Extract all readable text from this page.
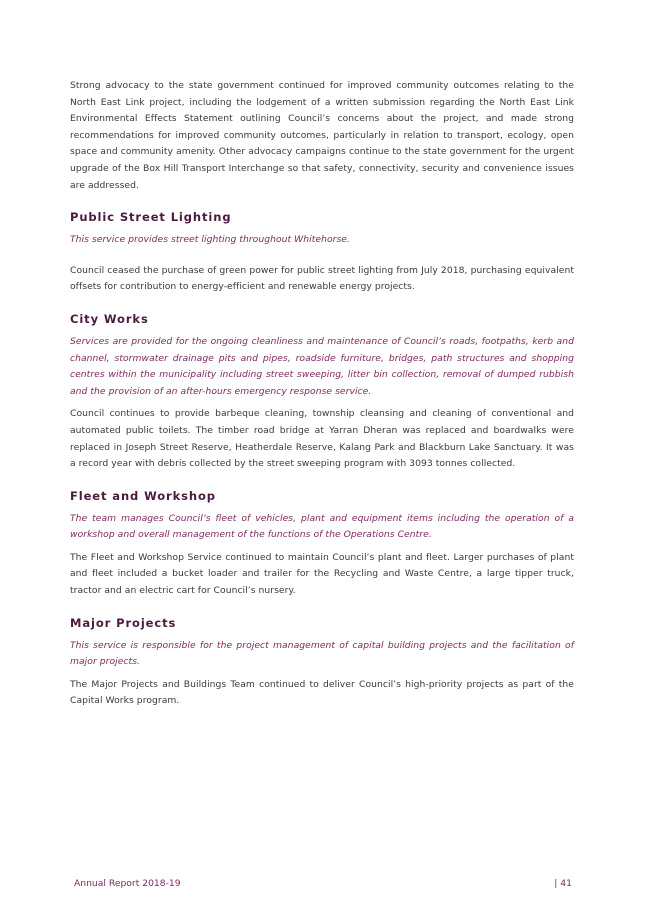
Strong advocacy to the state government continued for improved community outcomes relating to the North East Link project, including the lodgement of a written submission regarding the North East Link Environmental Effects Statement outlining Council’s concerns about the project, and made strong recommendations for improved community outcomes, particularly in relation to transport, ecology, open space and community amenity. Other advocacy campaigns continue to the state government for the urgent upgrade of the Box Hill Transport Interchange so that safety, connectivity, security and convenience issues are addressed.

Public Street Lighting

This service provides street lighting throughout Whitehorse.

Council ceased the purchase of green power for public street lighting from July 2018, purchasing equivalent offsets for contribution to energy-efficient and renewable energy projects.

City Works

Services are provided for the ongoing cleanliness and maintenance of Council’s roads, footpaths, kerb and channel, stormwater drainage pits and pipes, roadside furniture, bridges, path structures and shopping centres within the municipality including street sweeping, litter bin collection, removal of dumped rubbish and the provision of an after-hours emergency response service.

Council continues to provide barbeque cleaning, township cleansing and cleaning of conventional and automated public toilets. The timber road bridge at Yarran Dheran was replaced and boardwalks were replaced in Joseph Street Reserve, Heatherdale Reserve, Kalang Park and Blackburn Lake Sanctuary. It was a record year with debris collected by the street sweeping program with 3093 tonnes collected.

Fleet and Workshop

The team manages Council’s fleet of vehicles, plant and equipment items including the operation of a workshop and overall management of the functions of the Operations Centre.

The Fleet and Workshop Service continued to maintain Council’s plant and fleet. Larger purchases of plant and fleet included a bucket loader and trailer for the Recycling and Waste Centre, a large tipper truck, tractor and an electric cart for Council’s nursery.

Major Projects

This service is responsible for the project management of capital building projects and the facilitation of major projects.

The Major Projects and Buildings Team continued to deliver Council’s high-priority projects as part of the Capital Works program.

Annual Report 2018-19	| 41
